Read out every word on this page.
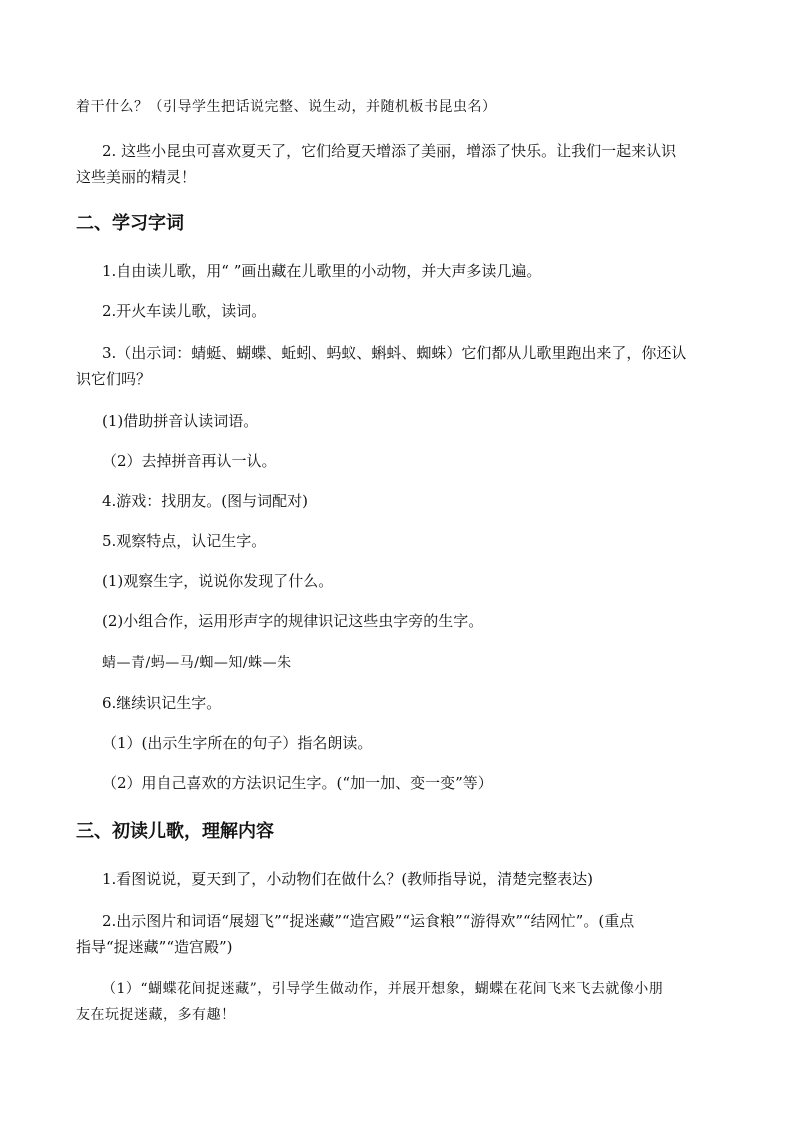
着干什么？（引导学生把话说完整、说生动，并随机板书昆虫名）
2. 这些小昆虫可喜欢夏天了，它们给夏天增添了美丽，增添了快乐。让我们一起来认识
这些美丽的精灵！
二、学习字词
1.自由读儿歌，用“ ”画出藏在儿歌里的小动物，并大声多读几遍。
2.开火车读儿歌，读词。
3.（出示词：蜻蜓、蝴蝶、蚯蚓、蚂蚁、蝌蚪、蜘蛛）它们都从儿歌里跑出来了，你还认
识它们吗？
(1)借助拼音认读词语。
（2）去掉拼音再认一认。
4.游戏：找朋友。(图与词配对)
5.观察特点，认记生字。
(1)观察生字，说说你发现了什么。
(2)小组合作，运用形声字的规律识记这些虫字旁的生字。
蜻—青/蚂—马/蜘—知/蛛—朱
6.继续识记生字。
（1）(出示生字所在的句子）指名朗读。
（2）用自己喜欢的方法识记生字。(“加一加、变一变”等）
三、初读儿歌，理解内容
1.看图说说，夏天到了，小动物们在做什么？(教师指导说，清楚完整表达)
2.出示图片和词语“展翅飞”“捉迷藏”“造宫殿”“运食粮”“游得欢”“结网忙”。(重点
指导“捉迷藏”“造宫殿”)
（1）“蝴蝶花间捉迷藏”，引导学生做动作，并展开想象，蝴蝶在花间飞来飞去就像小朋
友在玩捉迷藏，多有趣！
